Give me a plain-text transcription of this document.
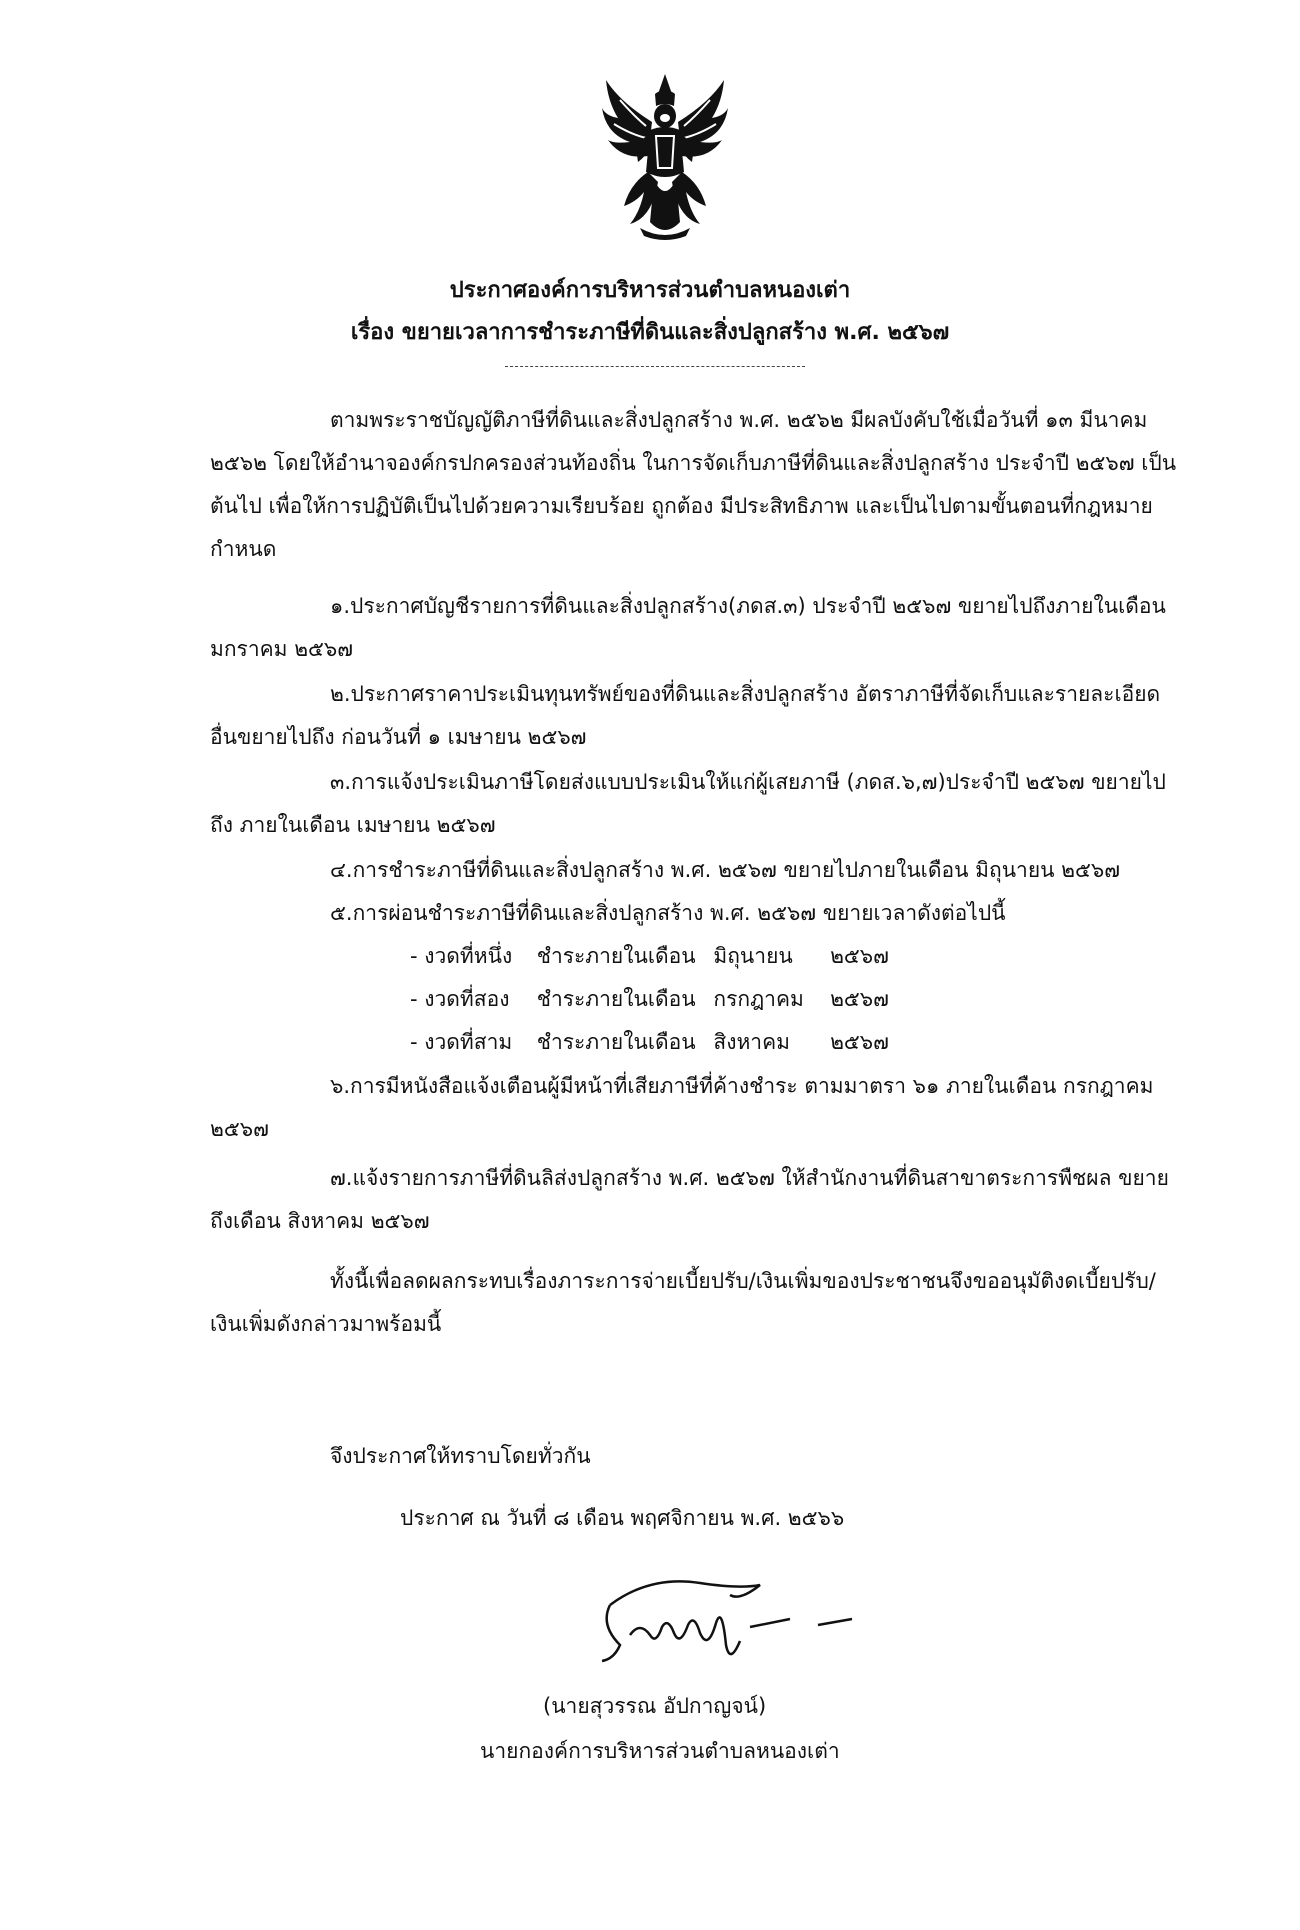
ประกาศองค์การบริหารส่วนตำบลหนองเต่า
เรื่อง ขยายเวลาการชำระภาษีที่ดินและสิ่งปลูกสร้าง พ.ศ. ๒๕๖๗
ตามพระราชบัญญัติภาษีที่ดินและสิ่งปลูกสร้าง พ.ศ. ๒๕๖๒ มีผลบังคับใช้เมื่อวันที่ ๑๓ มีนาคม
๒๕๖๒ โดยให้อำนาจองค์กรปกครองส่วนท้องถิ่น ในการจัดเก็บภาษีที่ดินและสิ่งปลูกสร้าง ประจำปี ๒๕๖๗ เป็น
ต้นไป เพื่อให้การปฏิบัติเป็นไปด้วยความเรียบร้อย ถูกต้อง มีประสิทธิภาพ และเป็นไปตามขั้นตอนที่กฎหมาย
กำหนด
๑.ประกาศบัญชีรายการที่ดินและสิ่งปลูกสร้าง(ภดส.๓) ประจำปี ๒๕๖๗ ขยายไปถึงภายในเดือน
มกราคม ๒๕๖๗
๒.ประกาศราคาประเมินทุนทรัพย์ของที่ดินและสิ่งปลูกสร้าง อัตราภาษีที่จัดเก็บและรายละเอียด
อื่นขยายไปถึง ก่อนวันที่ ๑ เมษายน ๒๕๖๗
๓.การแจ้งประเมินภาษีโดยส่งแบบประเมินให้แก่ผู้เสยภาษี (ภดส.๖,๗)ประจำปี ๒๕๖๗ ขยายไป
ถึง ภายในเดือน เมษายน ๒๕๖๗
๔.การชำระภาษีที่ดินและสิ่งปลูกสร้าง พ.ศ. ๒๕๖๗ ขยายไปภายในเดือน มิถุนายน ๒๕๖๗
๕.การผ่อนชำระภาษีที่ดินและสิ่งปลูกสร้าง พ.ศ. ๒๕๖๗ ขยายเวลาดังต่อไปนี้
- งวดที่หนึ่ง ชำระภายในเดือน มิถุนายน ๒๕๖๗
- งวดที่สอง ชำระภายในเดือน กรกฎาคม ๒๕๖๗
- งวดที่สาม ชำระภายในเดือน สิงหาคม ๒๕๖๗
๖.การมีหนังสือแจ้งเตือนผู้มีหน้าที่เสียภาษีที่ค้างชำระ ตามมาตรา ๖๑ ภายในเดือน กรกฎาคม
๒๕๖๗
๗.แจ้งรายการภาษีที่ดินลิส่งปลูกสร้าง พ.ศ. ๒๕๖๗ ให้สำนักงานที่ดินสาขาตระการพืชผล ขยาย
ถึงเดือน สิงหาคม ๒๕๖๗
ทั้งนี้เพื่อลดผลกระทบเรื่องภาระการจ่ายเบี้ยปรับ/เงินเพิ่มของประชาชนจึงขออนุมัติงดเบี้ยปรับ/
เงินเพิ่มดังกล่าวมาพร้อมนี้
จึงประกาศให้ทราบโดยทั่วกัน
ประกาศ ณ วันที่ ๘ เดือน พฤศจิกายน พ.ศ. ๒๕๖๖
(นายสุวรรณ อัปกาญจน์)
นายกองค์การบริหารส่วนตำบลหนองเต่า
